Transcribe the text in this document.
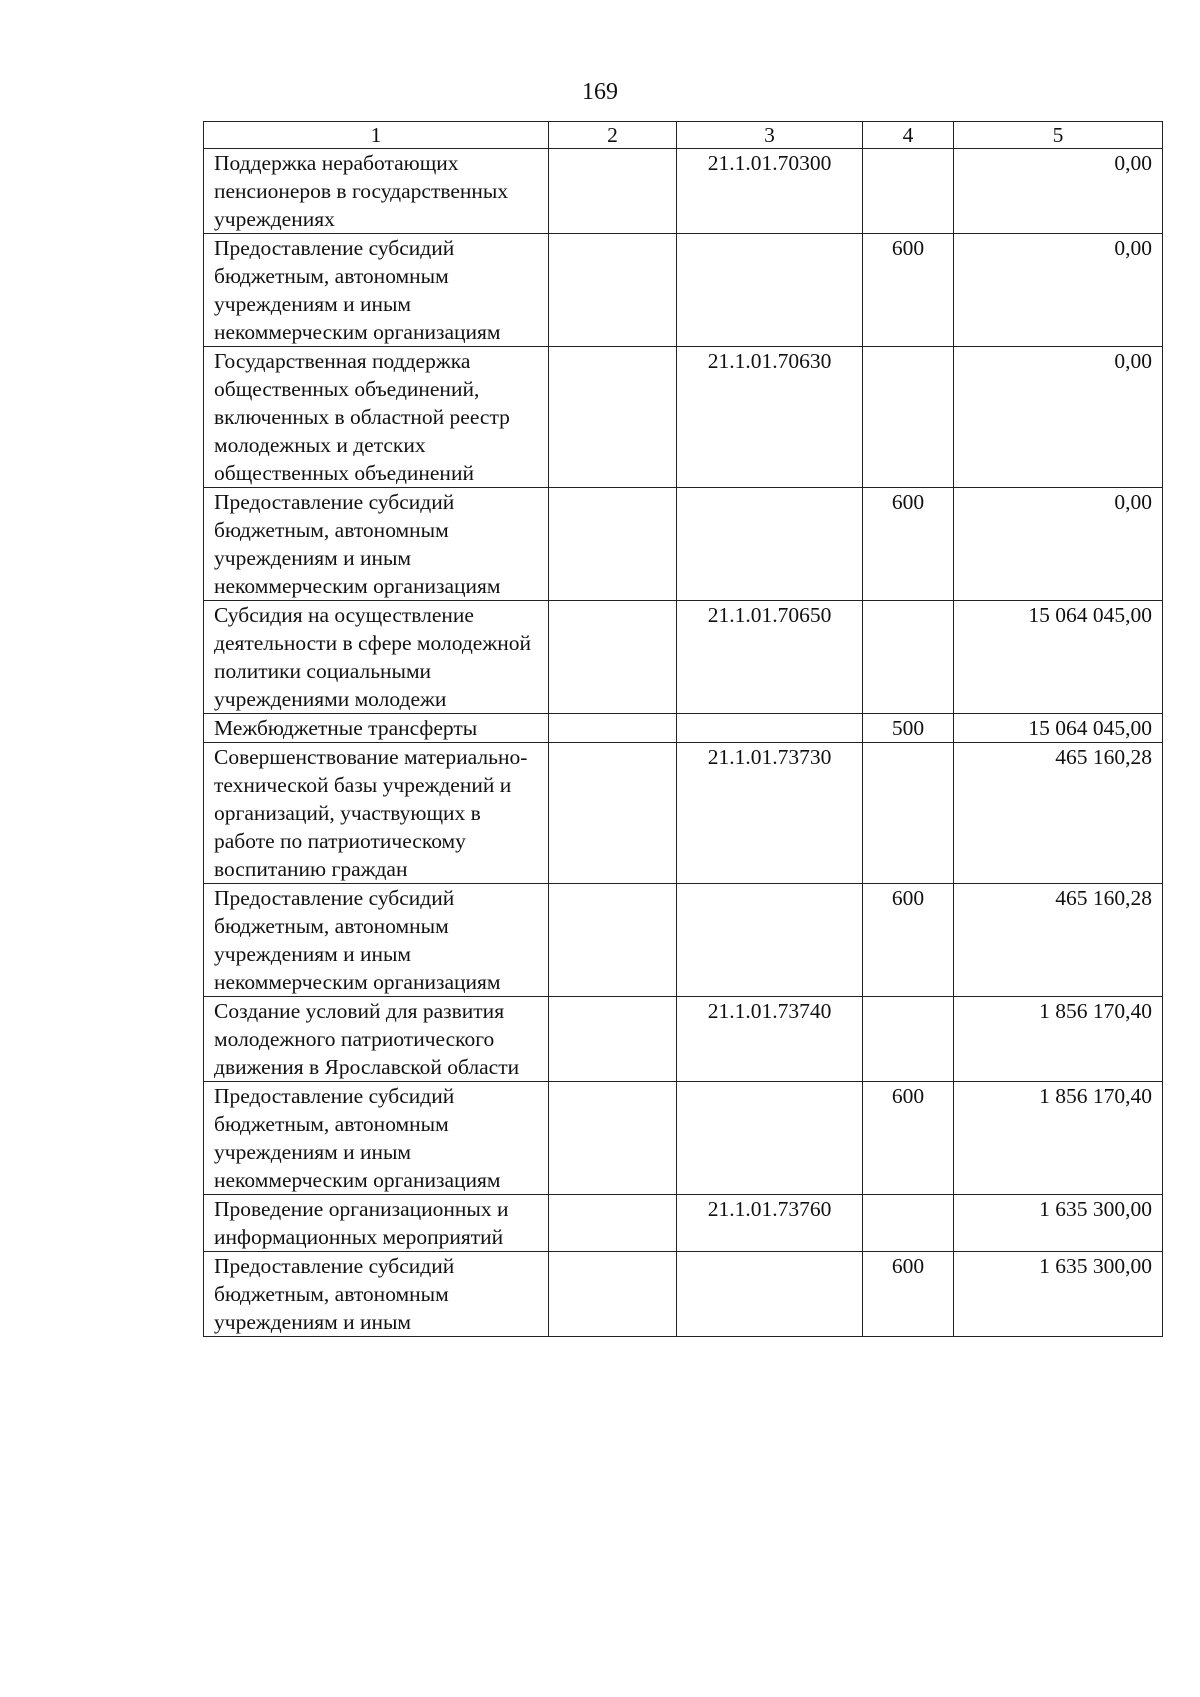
169
1	2	3	4	5
Поддержка неработающих пенсионеров в государственных учреждениях		21.1.01.70300		0,00
Предоставление субсидий бюджетным, автономным учреждениям и иным некоммерческим организациям			600	0,00
Государственная поддержка общественных объединений, включенных в областной реестр молодежных и детских общественных объединений		21.1.01.70630		0,00
Предоставление субсидий бюджетным, автономным учреждениям и иным некоммерческим организациям			600	0,00
Субсидия на осуществление деятельности в сфере молодежной политики социальными учреждениями молодежи		21.1.01.70650		15 064 045,00
Межбюджетные трансферты			500	15 064 045,00
Совершенствование материально-технической базы учреждений и организаций, участвующих в работе по патриотическому воспитанию граждан		21.1.01.73730		465 160,28
Предоставление субсидий бюджетным, автономным учреждениям и иным некоммерческим организациям			600	465 160,28
Создание условий для развития молодежного патриотического движения в Ярославской области		21.1.01.73740		1 856 170,40
Предоставление субсидий бюджетным, автономным учреждениям и иным некоммерческим организациям			600	1 856 170,40
Проведение организационных и информационных мероприятий		21.1.01.73760		1 635 300,00
Предоставление субсидий бюджетным, автономным учреждениям и иным			600	1 635 300,00
